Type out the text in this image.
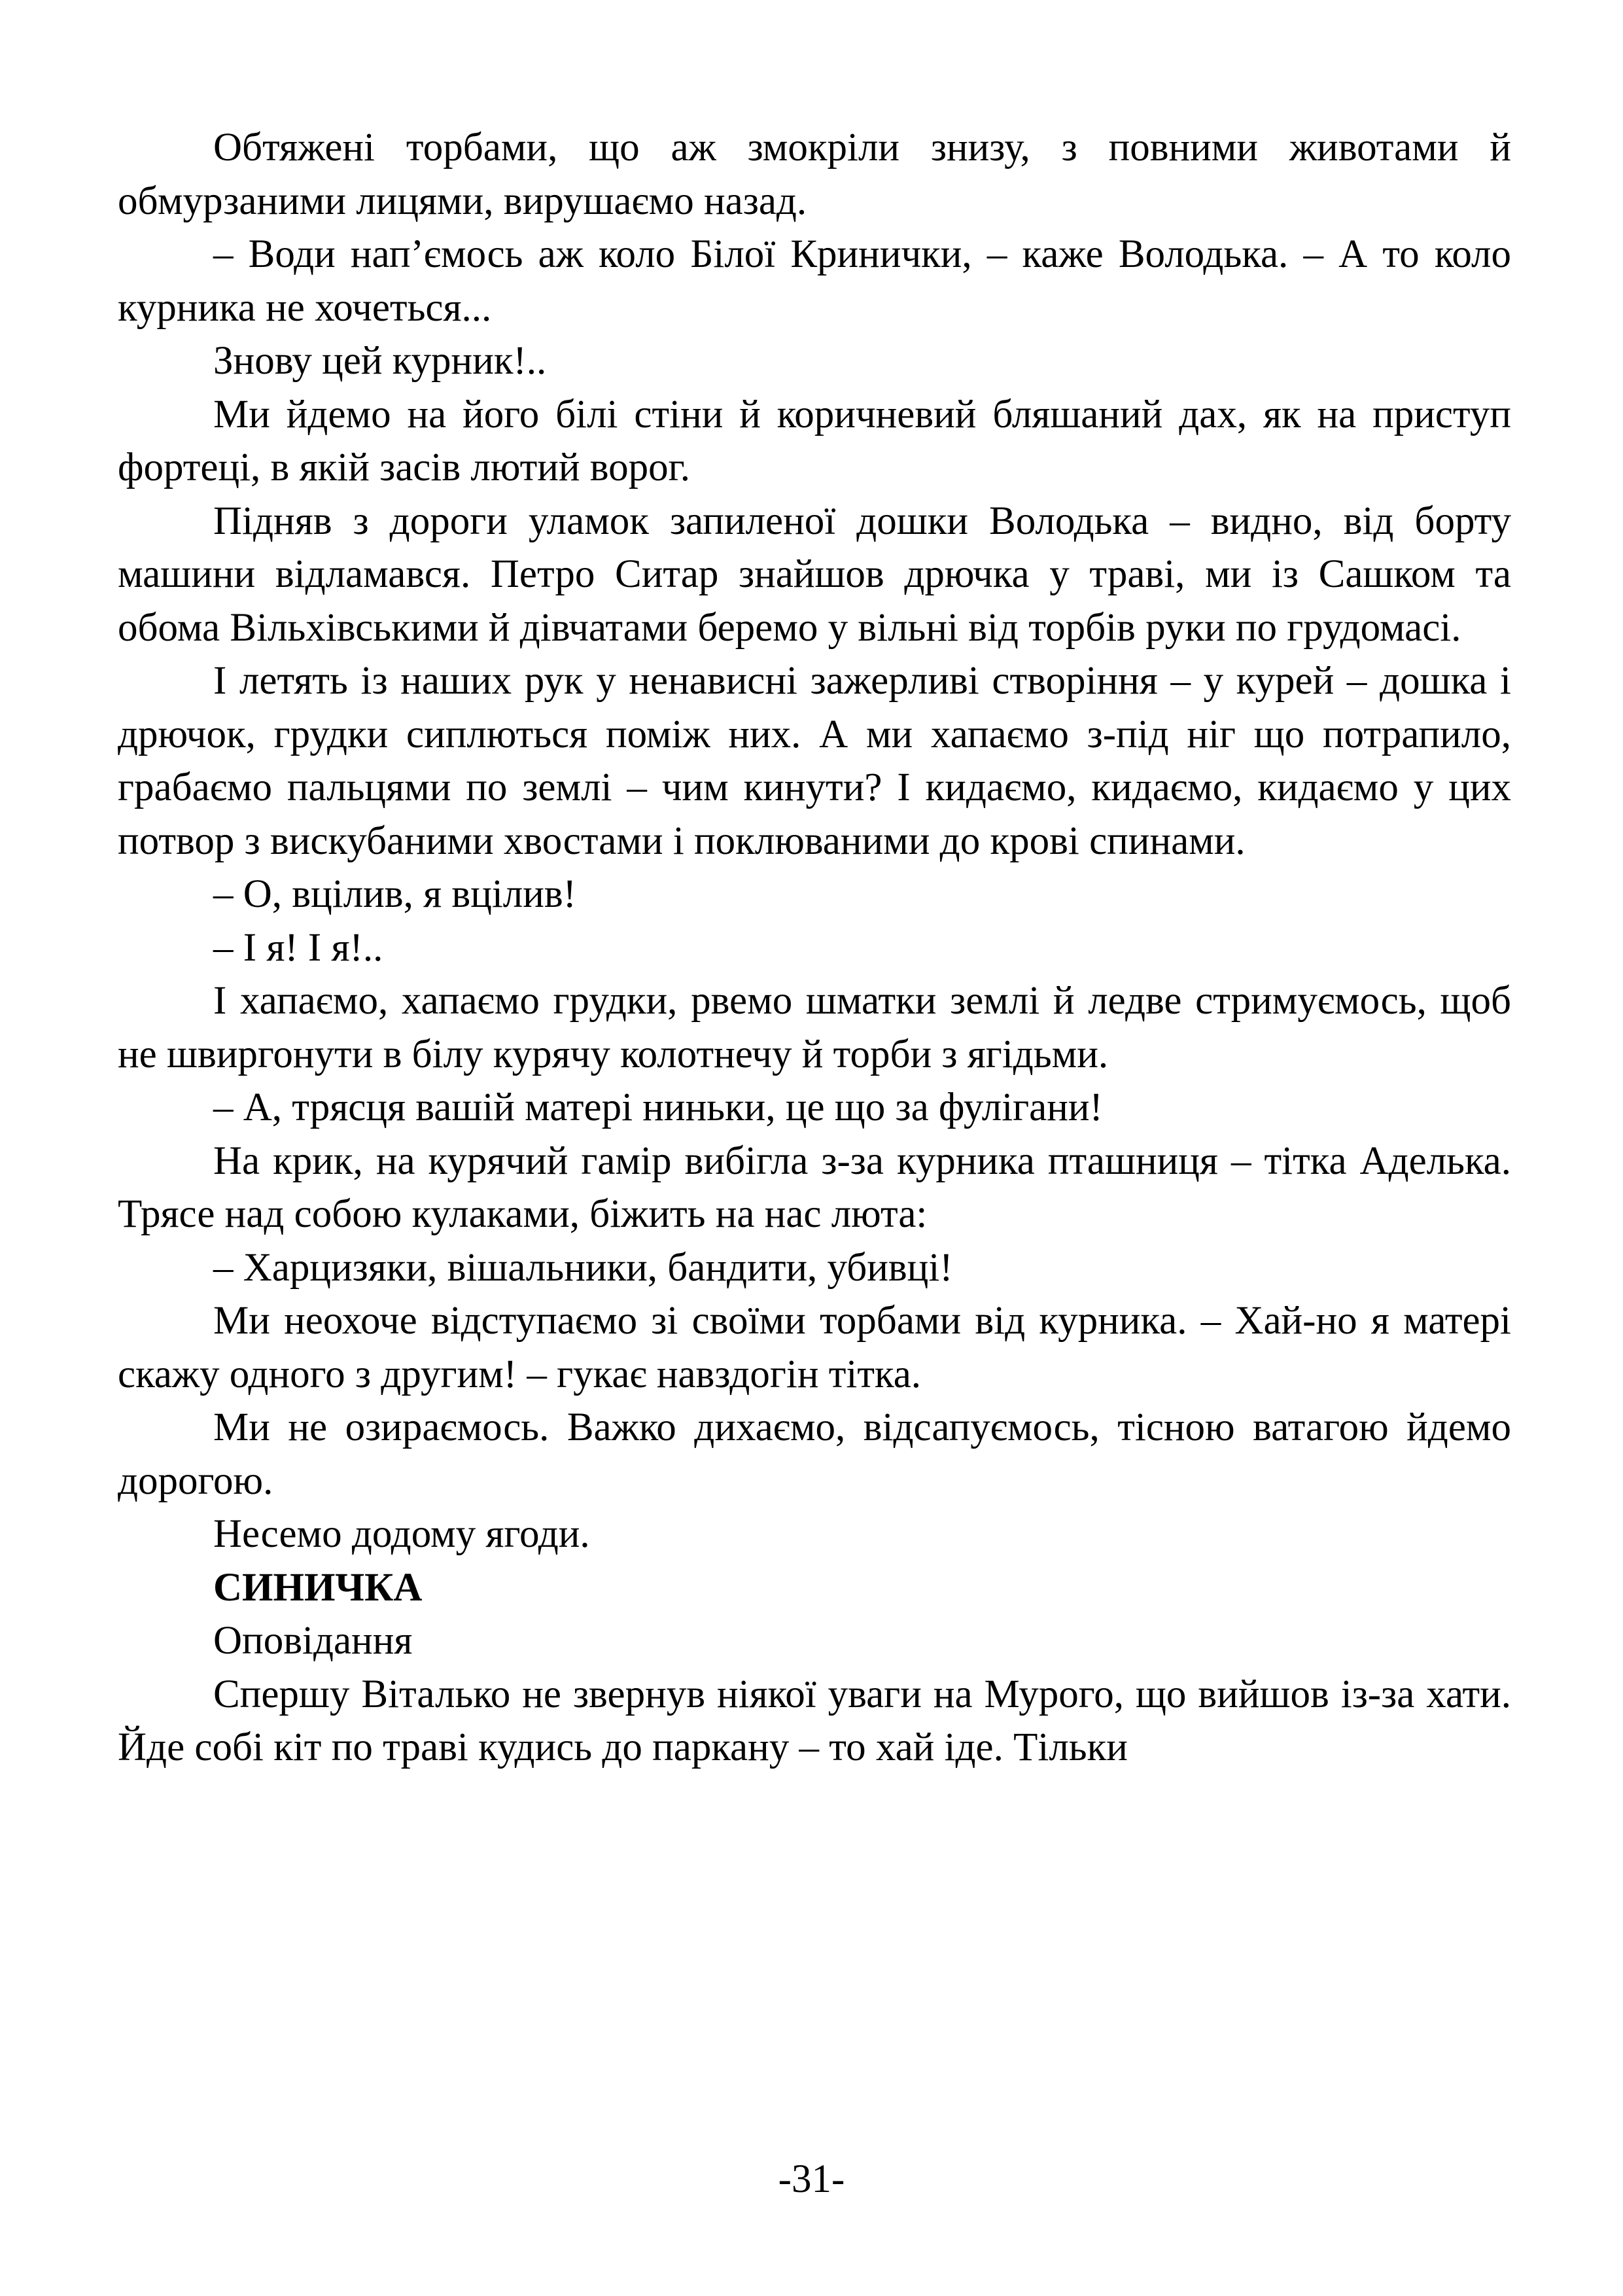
Обтяжені торбами, що аж змокріли знизу, з повними животами й обмурзаними лицями, вирушаємо назад.

– Води нап’ємось аж коло Білої Кринички, – каже Володька. – А то коло курника не хочеться...

Знову цей курник!..

Ми йдемо на його білі стіни й коричневий бляшаний дах, як на приступ фортеці, в якій засів лютий ворог.

Підняв з дороги уламок запиленої дошки Володька – видно, від борту машини відламався. Петро Ситар знайшов дрючка у траві, ми із Сашком та обома Вільхівськими й дівчатами беремо у вільні від торбів руки по грудомасі.

І летять із наших рук у ненависні зажерливі створіння – у курей – дошка і дрючок, грудки сиплються поміж них. А ми хапаємо з-під ніг що потрапило, грабаємо пальцями по землі – чим кинути? І кидаємо, кидаємо, кидаємо у цих потвор з вискубаними хвостами і поклюваними до крові спинами.

– О, вцілив, я вцілив!

– І я! І я!..

І хапаємо, хапаємо грудки, рвемо шматки землі й ледве стримуємось, щоб не швиргонути в білу курячу колотнечу й торби з ягідьми.

– А, трясця вашій матері ниньки, це що за фулігани!

На крик, на курячий гамір вибігла з-за курника пташниця – тітка Аделька. Трясе над собою кулаками, біжить на нас люта:

– Харцизяки, вішальники, бандити, убивці!

Ми неохоче відступаємо зі своїми торбами від курника. – Хай-но я матері скажу одного з другим! – гукає навздогін тітка.

Ми не озираємось. Важко дихаємо, відсапуємось, тісною ватагою йдемо дорогою.

Несемо додому ягоди.

СИНИЧКА

Оповідання

Спершу Віталько не звернув ніякої уваги на Мурого, що вийшов із-за хати. Йде собі кіт по траві кудись до паркану – то хай іде. Тільки

-31-
